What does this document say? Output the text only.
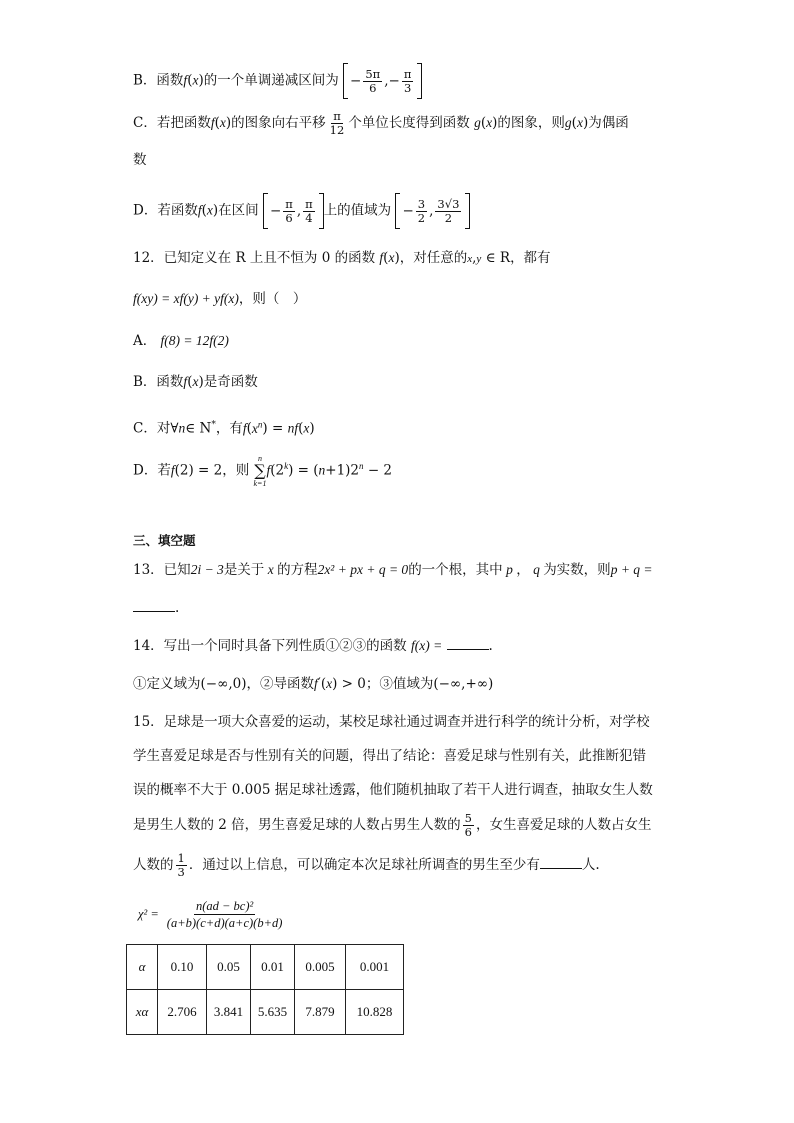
B．函数f(x)的一个单调递减区间为 − $\frac{5\pi}{6}$ ,− $\frac{\pi}{3}$
C．若把函数f(x)的图象向右平移 $\frac{\pi}{12}$ 个单位长度得到函数 g(x)的图象，则g(x)为偶函
数
D．若函数f(x)在区间 − $\frac{\pi}{6}$ , $\frac{\pi}{4}$ 上的值域为 − $\frac{3}{2}$ , $\frac{3√3}{2}$
12．已知定义在 R 上且不恒为 0 的函数 f(x)，对任意的x,y ∈ R，都有
f(xy) = xf(y) + yf(x)，则（　）
A． f(8) = 12f(2)
B．函数f(x)是奇函数
C．对∀n∈ N*，有$f(x^n) = nf(x)$
D．若f(2) = 2，则
n
∑
k=1
$f(2^k) = (n+1)2^n - 2$
三、填空题
13．已知2i − 3是关于 x 的方程2x² + px + q = 0的一个根，其中 p ， q 为实数，则p + q =
.
14．写出一个同时具备下列性质①②③的函数 f(x) =	.
①定义域为(−∞,0)，②导函数f′(x) > 0；③值域为(−∞,+∞)
15．足球是一项大众喜爱的运动，某校足球社通过调查并进行科学的统计分析，对学校
学生喜爱足球是否与性别有关的问题，得出了结论：喜爱足球与性别有关，此推断犯错
误的概率不大于 0.005 据足球社透露，他们随机抽取了若干人进行调查，抽取女生人数
是男生人数的 2 倍，男生喜爱足球的人数占男生人数的 $\frac{5}{6}$ ，女生喜爱足球的人数占女生
人数的 $\frac{1}{3}$ ．通过以上信息，可以确定本次足球社所调查的男生至少有	人.
$\chi^2 = \frac{\text{n(ad − bc)²}}{(a+b)(c+d)(a+c)(b+d)}$
α	0.10	0.05	0.01	0.005	0.001
xα	2.706	3.841	5.635	7.879	10.828
